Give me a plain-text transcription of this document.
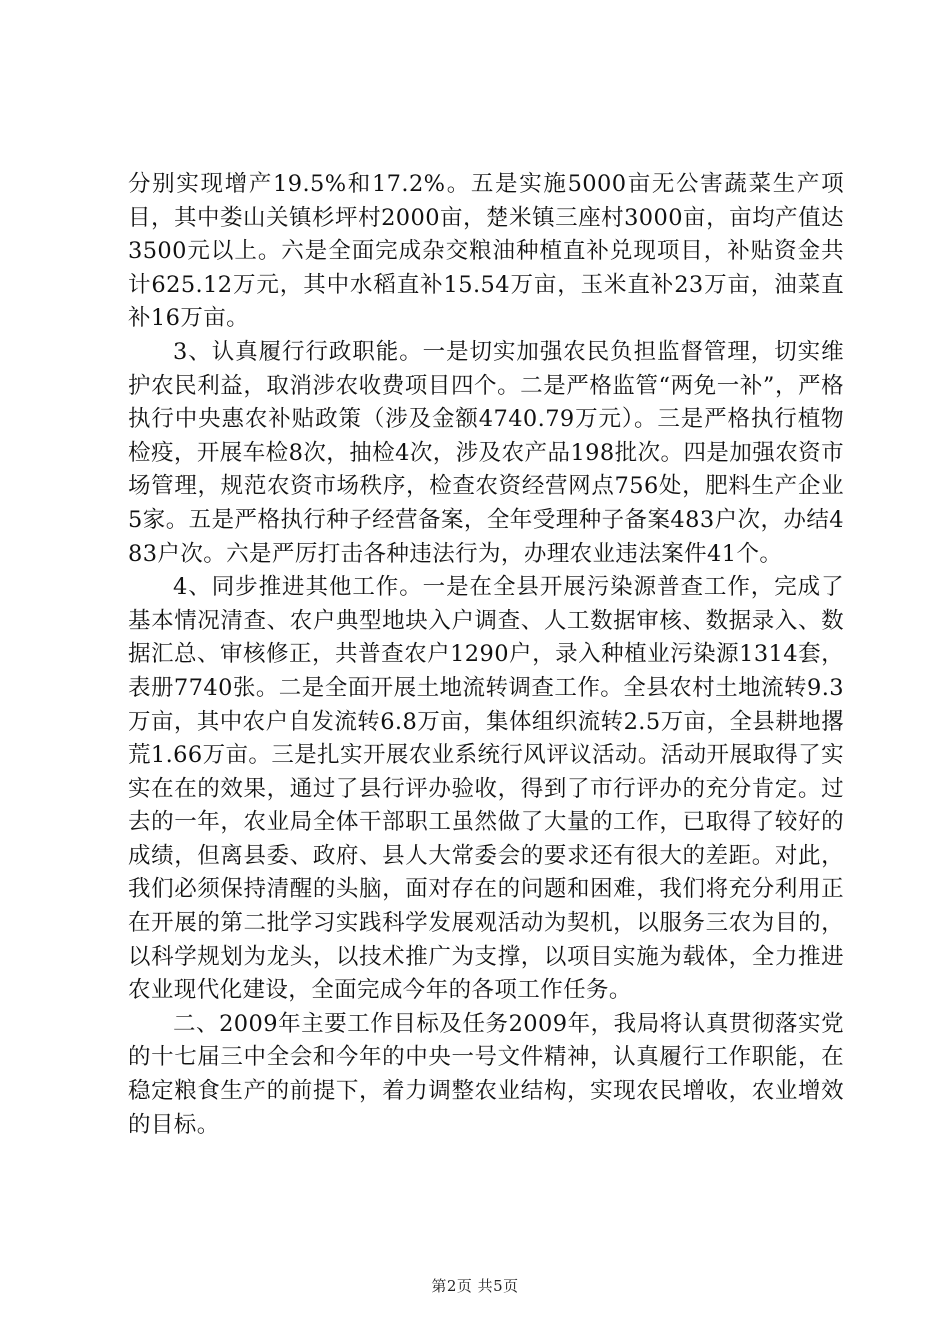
分别实现增产19.5%和17.2%。五是实施5000亩无公害蔬菜生产项目，其中娄山关镇杉坪村2000亩，楚米镇三座村3000亩，亩均产值达3500元以上。六是全面完成杂交粮油种植直补兑现项目，补贴资金共计625.12万元，其中水稻直补15.54万亩，玉米直补23万亩，油菜直补16万亩。

3、认真履行行政职能。一是切实加强农民负担监督管理，切实维护农民利益，取消涉农收费项目四个。二是严格监管“两免一补”，严格执行中央惠农补贴政策（涉及金额4740.79万元）。三是严格执行植物检疫，开展车检8次，抽检4次，涉及农产品198批次。四是加强农资市场管理，规范农资市场秩序，检查农资经营网点756处，肥料生产企业5家。五是严格执行种子经营备案，全年受理种子备案483户次，办结483户次。六是严厉打击各种违法行为，办理农业违法案件41个。

4、同步推进其他工作。一是在全县开展污染源普查工作，完成了基本情况清查、农户典型地块入户调查、人工数据审核、数据录入、数据汇总、审核修正，共普查农户1290户，录入种植业污染源1314套，表册7740张。二是全面开展土地流转调查工作。全县农村土地流转9.3万亩，其中农户自发流转6.8万亩，集体组织流转2.5万亩，全县耕地撂荒1.66万亩。三是扎实开展农业系统行风评议活动。活动开展取得了实实在在的效果，通过了县行评办验收，得到了市行评办的充分肯定。过去的一年，农业局全体干部职工虽然做了大量的工作，已取得了较好的成绩，但离县委、政府、县人大常委会的要求还有很大的差距。对此，我们必须保持清醒的头脑，面对存在的问题和困难，我们将充分利用正在开展的第二批学习实践科学发展观活动为契机，以服务三农为目的，以科学规划为龙头，以技术推广为支撑，以项目实施为载体，全力推进农业现代化建设，全面完成今年的各项工作任务。

二、2009年主要工作目标及任务2009年，我局将认真贯彻落实党的十七届三中全会和今年的中央一号文件精神，认真履行工作职能，在稳定粮食生产的前提下，着力调整农业结构，实现农民增收，农业增效的目标。

第2页 共5页
